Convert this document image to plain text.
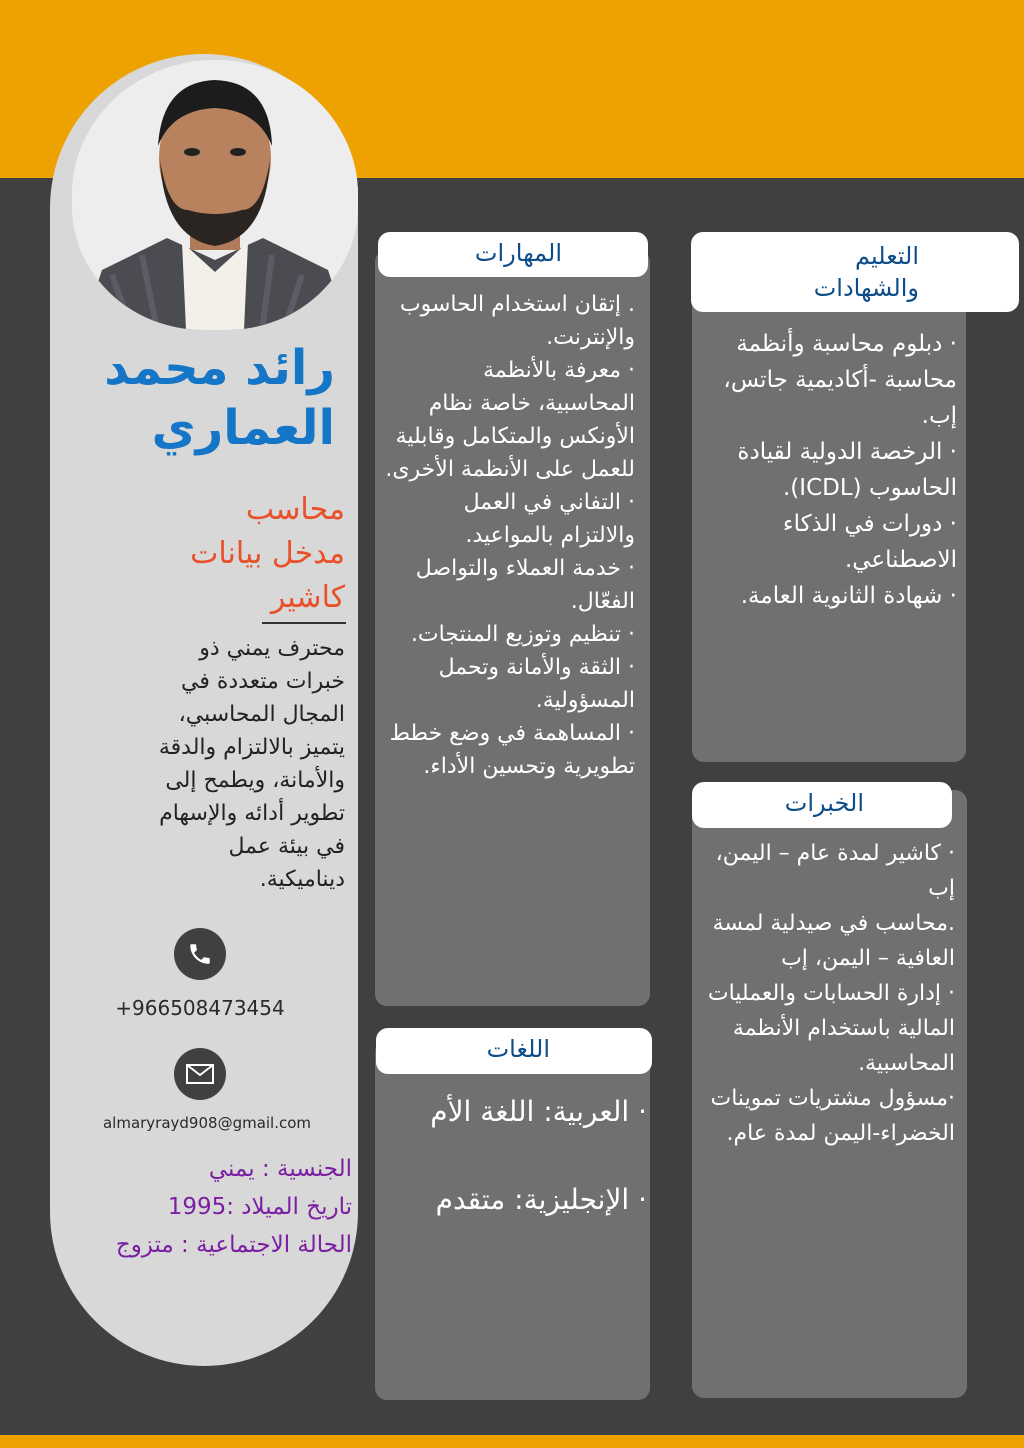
رائد محمد العماري
محاسب
مدخل بيانات
كاشير
محترف يمني ذو خبرات متعددة في المجال المحاسبي، يتميز بالالتزام والدقة والأمانة، ويطمح إلى تطوير أدائه والإسهام في بيئة عمل ديناميكية.
+966508473454
almaryrayd908@gmail.com
الجنسية : يمني
تاريخ الميلاد :1995
الحالة الاجتماعية : متزوج
المهارات
. إتقان استخدام الحاسوب والإنترنت.
· معرفة بالأنظمة المحاسبية، خاصة نظام الأونكس والمتكامل وقابلية للعمل على الأنظمة الأخرى.
· التفاني في العمل والالتزام بالمواعيد.
· خدمة العملاء والتواصل الفعّال.
· تنظيم وتوزيع المنتجات.
· الثقة والأمانة وتحمل المسؤولية.
· المساهمة في وضع خطط تطويرية وتحسين الأداء.
التعليم والشهادات
· دبلوم محاسبة وأنظمة محاسبة -أكاديمية جاتس، إب.
· الرخصة الدولية لقيادة الحاسوب (ICDL).
· دورات في الذكاء الاصطناعي.
· شهادة الثانوية العامة.
الخبرات
· كاشير لمدة عام – اليمن، إب
.محاسب في صيدلية لمسة العافية – اليمن، إب
· إدارة الحسابات والعمليات المالية باستخدام الأنظمة المحاسبية.
·مسؤول مشتريات تموينات الخضراء-اليمن لمدة عام.
اللغات
· العربية: اللغة الأم
· الإنجليزية: متقدم
